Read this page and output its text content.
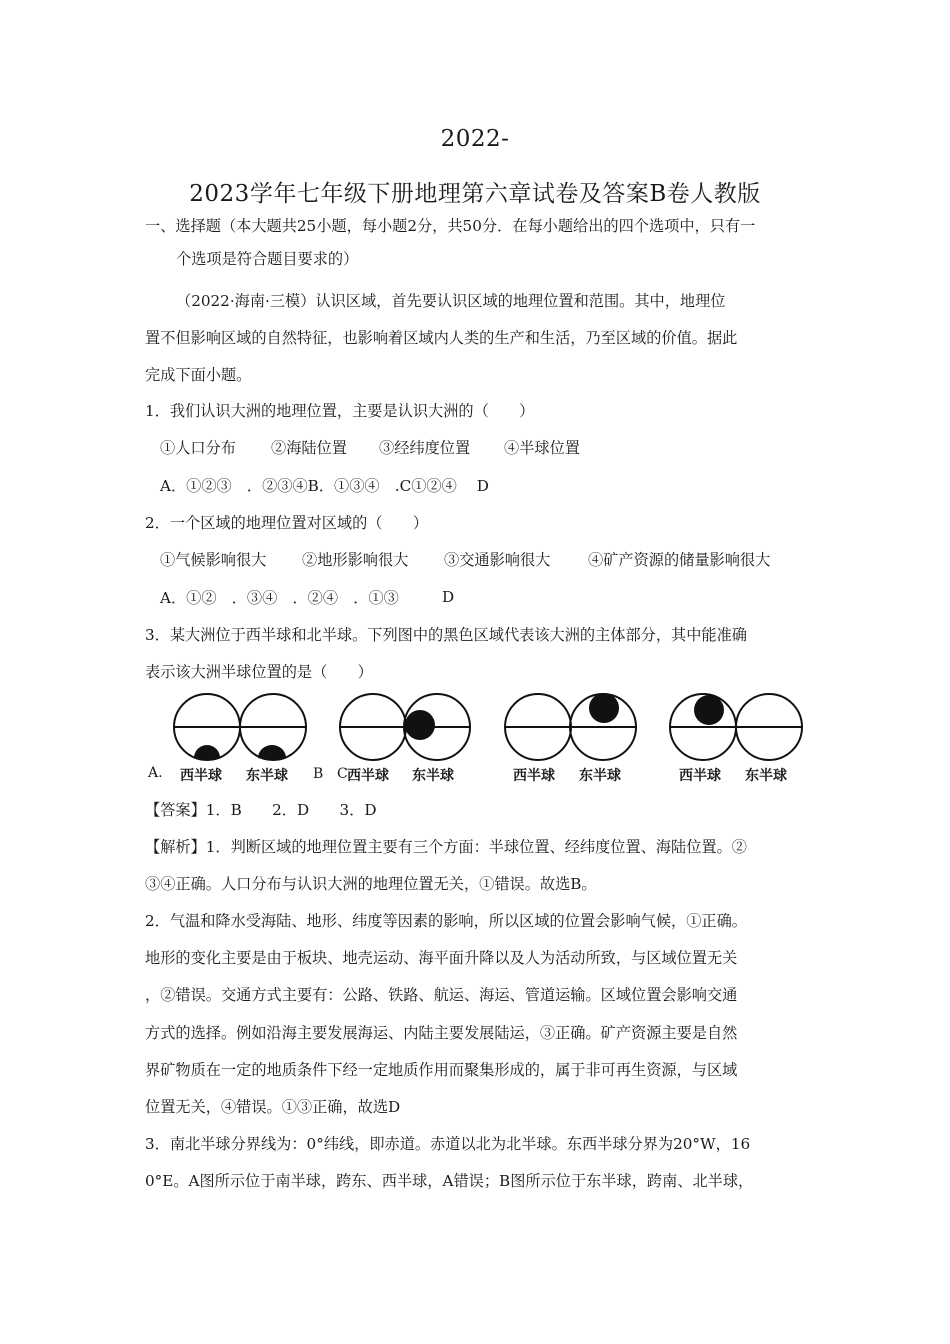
2022-
2023学年七年级下册地理第六章试卷及答案B卷人教版
一、选择题（本大题共25小题，每小题2分，共50分．在每小题给出的四个选项中，只有一
个选项是符合题目要求的）
（2022·海南·三模）认识区域，首先要认识区域的地理位置和范围。其中，地理位
置不但影响区域的自然特征，也影响着区域内人类的生产和生活，乃至区域的价值。据此
完成下面小题。
1．我们认识大洲的地理位置，主要是认识大洲的（　　）
①人口分布 ②海陆位置 ③经纬度位置 ④半球位置
A．①②③　．②③④B．①③④　.C①②④　 D
2．一个区域的地理位置对区域的（　　）
①气候影响很大 ②地形影响很大 ③交通影响很大 ④矿产资源的储量影响很大
A．①②　．③④　．②④　．①③	D
3．某大洲位于西半球和北半球。下列图中的黑色区域代表该大洲的主体部分，其中能准确
表示该大洲半球位置的是（　　）
A. 西半球 东半球 B C 西半球 东半球	西半球 东半球	西半球 东半球
【答案】1．B　　2．D　　3．D
【解析】1．判断区域的地理位置主要有三个方面：半球位置、经纬度位置、海陆位置。②
③④正确。人口分布与认识大洲的地理位置无关，①错误。故选B。
2．气温和降水受海陆、地形、纬度等因素的影响，所以区域的位置会影响气候，①正确。
地形的变化主要是由于板块、地壳运动、海平面升降以及人为活动所致，与区域位置无关
，②错误。交通方式主要有：公路、铁路、航运、海运、管道运输。区域位置会影响交通
方式的选择。例如沿海主要发展海运、内陆主要发展陆运，③正确。矿产资源主要是自然
界矿物质在一定的地质条件下经一定地质作用而聚集形成的，属于非可再生资源，与区域
位置无关，④错误。①③正确，故选D
3．南北半球分界线为：0°纬线，即赤道。赤道以北为北半球。东西半球分界为20°W，16
0°E。A图所示位于南半球，跨东、西半球，A错误；B图所示位于东半球，跨南、北半球，
